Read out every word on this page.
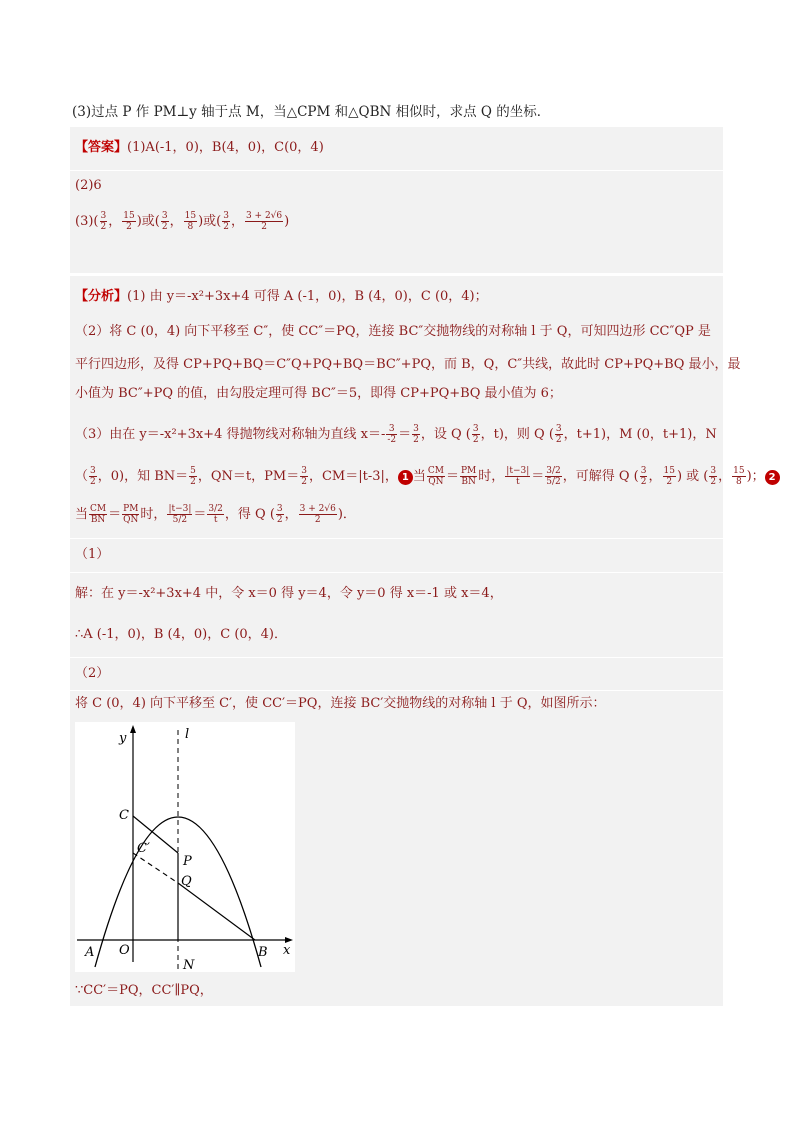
(3)过点 P 作 PM⊥y 轴于点 M，当△CPM 和△QBN 相似时，求点 Q 的坐标．
【答案】(1)A(-1，0)，B(4，0)，C(0，4)
(2)6
$(3)( \frac{3}{2}$ ， $\frac{15}{2}$ )或( $\frac{3}{2}$ ， $\frac{15}{8}$ )或( $\frac{3}{2}$ ， $\frac{3 + 2√6}{2}$ )
【分析】(1) 由 y＝-x²+3x+4 可得 A (-1，0)，B (4，0)，C (0，4)；
（2）将 C (0，4) 向下平移至 C″，使 CC″＝PQ，连接 BC″交抛物线的对称轴 l 于 Q，可知四边形 CC″QP 是
平行四边形，及得 CP+PQ+BQ＝C″Q+PQ+BQ＝BC″+PQ，而 B，Q，C″共线，故此时 CP+PQ+BQ 最小，最
小值为 BC″+PQ 的值，由勾股定理可得 BC″＝5，即得 CP+PQ+BQ 最小值为 6；
（3）由在 y＝-x²+3x+4 得抛物线对称轴为直线 $x=- \frac{3}{-2} = \frac{3}{2}$ ，设 Q ( $\frac{3}{2}$ ，t)，则 Q ( $\frac{3}{2}$ ，t+1)，M (0，t+1)，N
（ $\frac{3}{2}$ ，0)，知 $BN= \frac{5}{2}$ ，QN＝t，$PM= \frac{3}{2}$ ，CM＝|t-3|， 1 当 $\frac{CM}{QN} = \frac{PM}{BN}$ 时， $\frac{|t-3|}{t} = \frac{3/2}{5/2}$ ，可解得 Q ( $\frac{3}{2}$ ， $\frac{15}{2}$ ) 或 ( $\frac{3}{2}$ ， $\frac{15}{8}$ )； 2
当 $\frac{CM}{BN} = \frac{PM}{QN}$ 时， $\frac{|t-3|}{5/2} = \frac{3/2}{t}$ ，得 Q ( $\frac{3}{2}$ ， $\frac{3 + 2√6}{2}$ )．
（1）
解：在 y＝-x²+3x+4 中，令 x＝0 得 y＝4，令 y＝0 得 x＝-1 或 x＝4，
∴A (-1，0)，B (4，0)，C (0，4)．
（2）
将 C (0，4) 向下平移至 C′，使 CC′＝PQ，连接 BC′交抛物线的对称轴 l 于 Q，如图所示：
y	l
x
A O	B
C
C′
P
Q
N
∵CC′＝PQ，CC′∥PQ，
